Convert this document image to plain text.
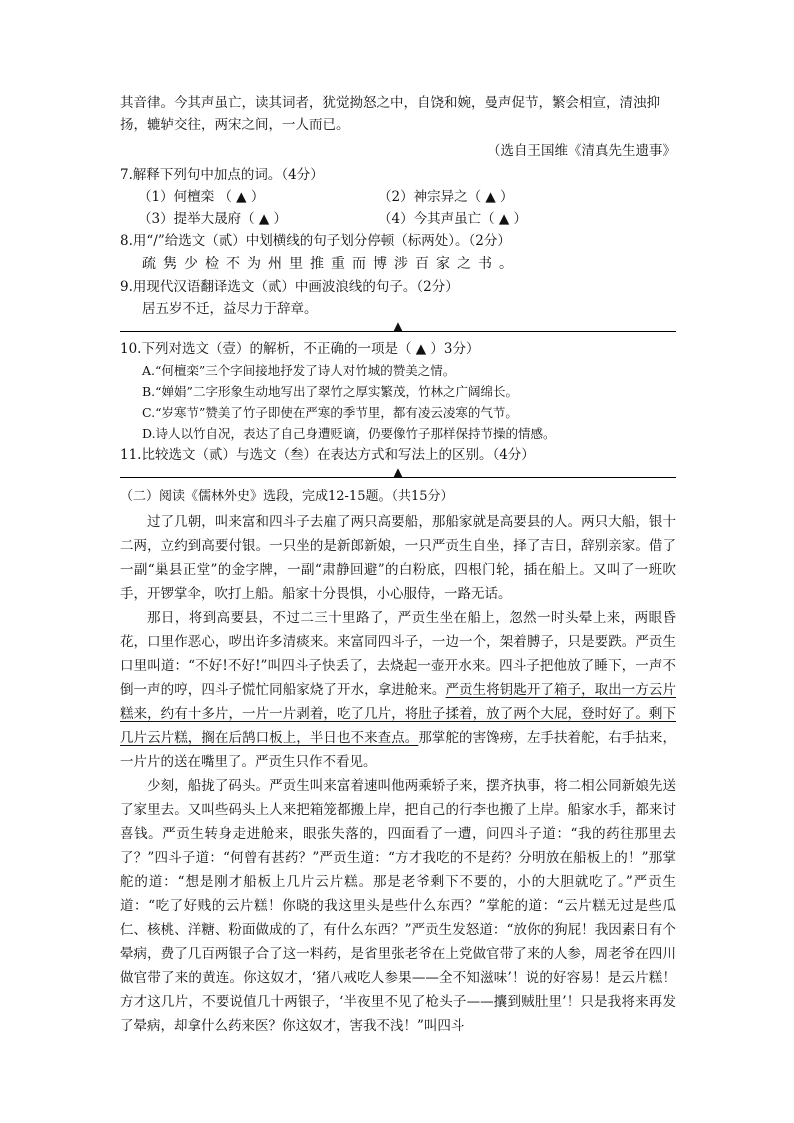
其音律。今其声虽亡，读其词者，犹觉拗怒之中，自饶和婉，曼声促节，繁会相宣，清浊抑扬，辘轳交往，两宋之间，一人而已。

（选自王国维《清真先生遗事》

7.解释下列句中加点的词。（4分）

（1）何檀栾 （ ▲ ）	（2）神宗异之（ ▲ ）
（3）提举大晟府（ ▲ ）	（4）今其声虽亡（ ▲ ）

8.用“/”给选文（贰）中划横线的句子划分停顿（标两处）。（2分）

疏隽少检不为州里推重而博涉百家之书。

9.用现代汉语翻译选文（贰）中画波浪线的句子。（2分）

居五岁不迁，益尽力于辞章。
▲

10.下列对选文（壹）的解析，不正确的一项是（ ▲ ）3分）

A.“何檀栾”三个字间接地抒发了诗人对竹城的赞美之情。

B.“婵娟”二字形象生动地写出了翠竹之厚实繁茂，竹林之广阔绵长。

C.“岁寒节”赞美了竹子即使在严寒的季节里，都有凌云凌寒的气节。

D.诗人以竹自况，表达了自己身遭贬谪，仍要像竹子那样保持节操的情感。

11.比较选文（贰）与选文（叁）在表达方式和写法上的区别。（4分）

▲

（二）阅读《儒林外史》选段，完成12-15题。（共15分）

过了几朝，叫来富和四斗子去雇了两只高要船，那船家就是高要县的人。两只大船，银十二两，立约到高要付银。一只坐的是新郎新娘，一只严贡生自坐，择了吉日，辞别亲家。借了一副“巢县正堂”的金字牌，一副“肃静回避”的白粉底，四根门轮，插在船上。又叫了一班吹手，开锣掌伞，吹打上船。船家十分畏惧，小心服侍，一路无话。

那日，将到高要县，不过二三十里路了，严贡生坐在船上，忽然一时头晕上来，两眼昏花，口里作恶心，哕出许多清痰来。来富同四斗子，一边一个，架着膊子，只是要跌。严贡生口里叫道：“不好!不好!”叫四斗子快丢了，去烧起一壶开水来。四斗子把他放了睡下，一声不倒一声的哼，四斗子慌忙同船家烧了开水，拿进舱来。严贡生将钥匙开了箱子，取出一方云片糕来，约有十多片，一片一片剥着，吃了几片，将肚子揉着，放了两个大屁，登时好了。剩下几片云片糕，搁在后鹄口板上，半日也不来查点。那掌舵的害馋痨，左手扶着舵，右手拈来，一片片的送在嘴里了。严贡生只作不看见。

少刻，船拢了码头。严贡生叫来富着速叫他两乘轿子来，摆齐执事，将二相公同新娘先送了家里去。又叫些码头上人来把箱笼都搬上岸，把自己的行李也搬了上岸。船家水手，都来讨喜钱。严贡生转身走进舱来，眼张失落的，四面看了一遭，问四斗子道：“我的药往那里去了？”四斗子道：“何曾有甚药？”严贡生道：“方才我吃的不是药？分明放在船板上的！”那掌舵的道：“想是刚才船板上几片云片糕。那是老爷剩下不要的，小的大胆就吃了。”严贡生道：“吃了好贱的云片糕！你晓的我这里头是些什么东西？”掌舵的道：“云片糕无过是些瓜仁、核桃、洋糖、粉面做成的了，有什么东西？”严贡生发怒道：“放你的狗屁！我因素日有个晕病，费了几百两银子合了这一料药，是省里张老爷在上党做官带了来的人参，周老爷在四川做官带了来的黄连。你这奴才，‘猪八戒吃人参果——全不知滋味’！说的好容易！是云片糕！方才这几片，不要说值几十两银子，‘半夜里不见了枪头子——攮到贼肚里’！只是我将来再发了晕病，却拿什么药来医？你这奴才，害我不浅！”叫四斗
